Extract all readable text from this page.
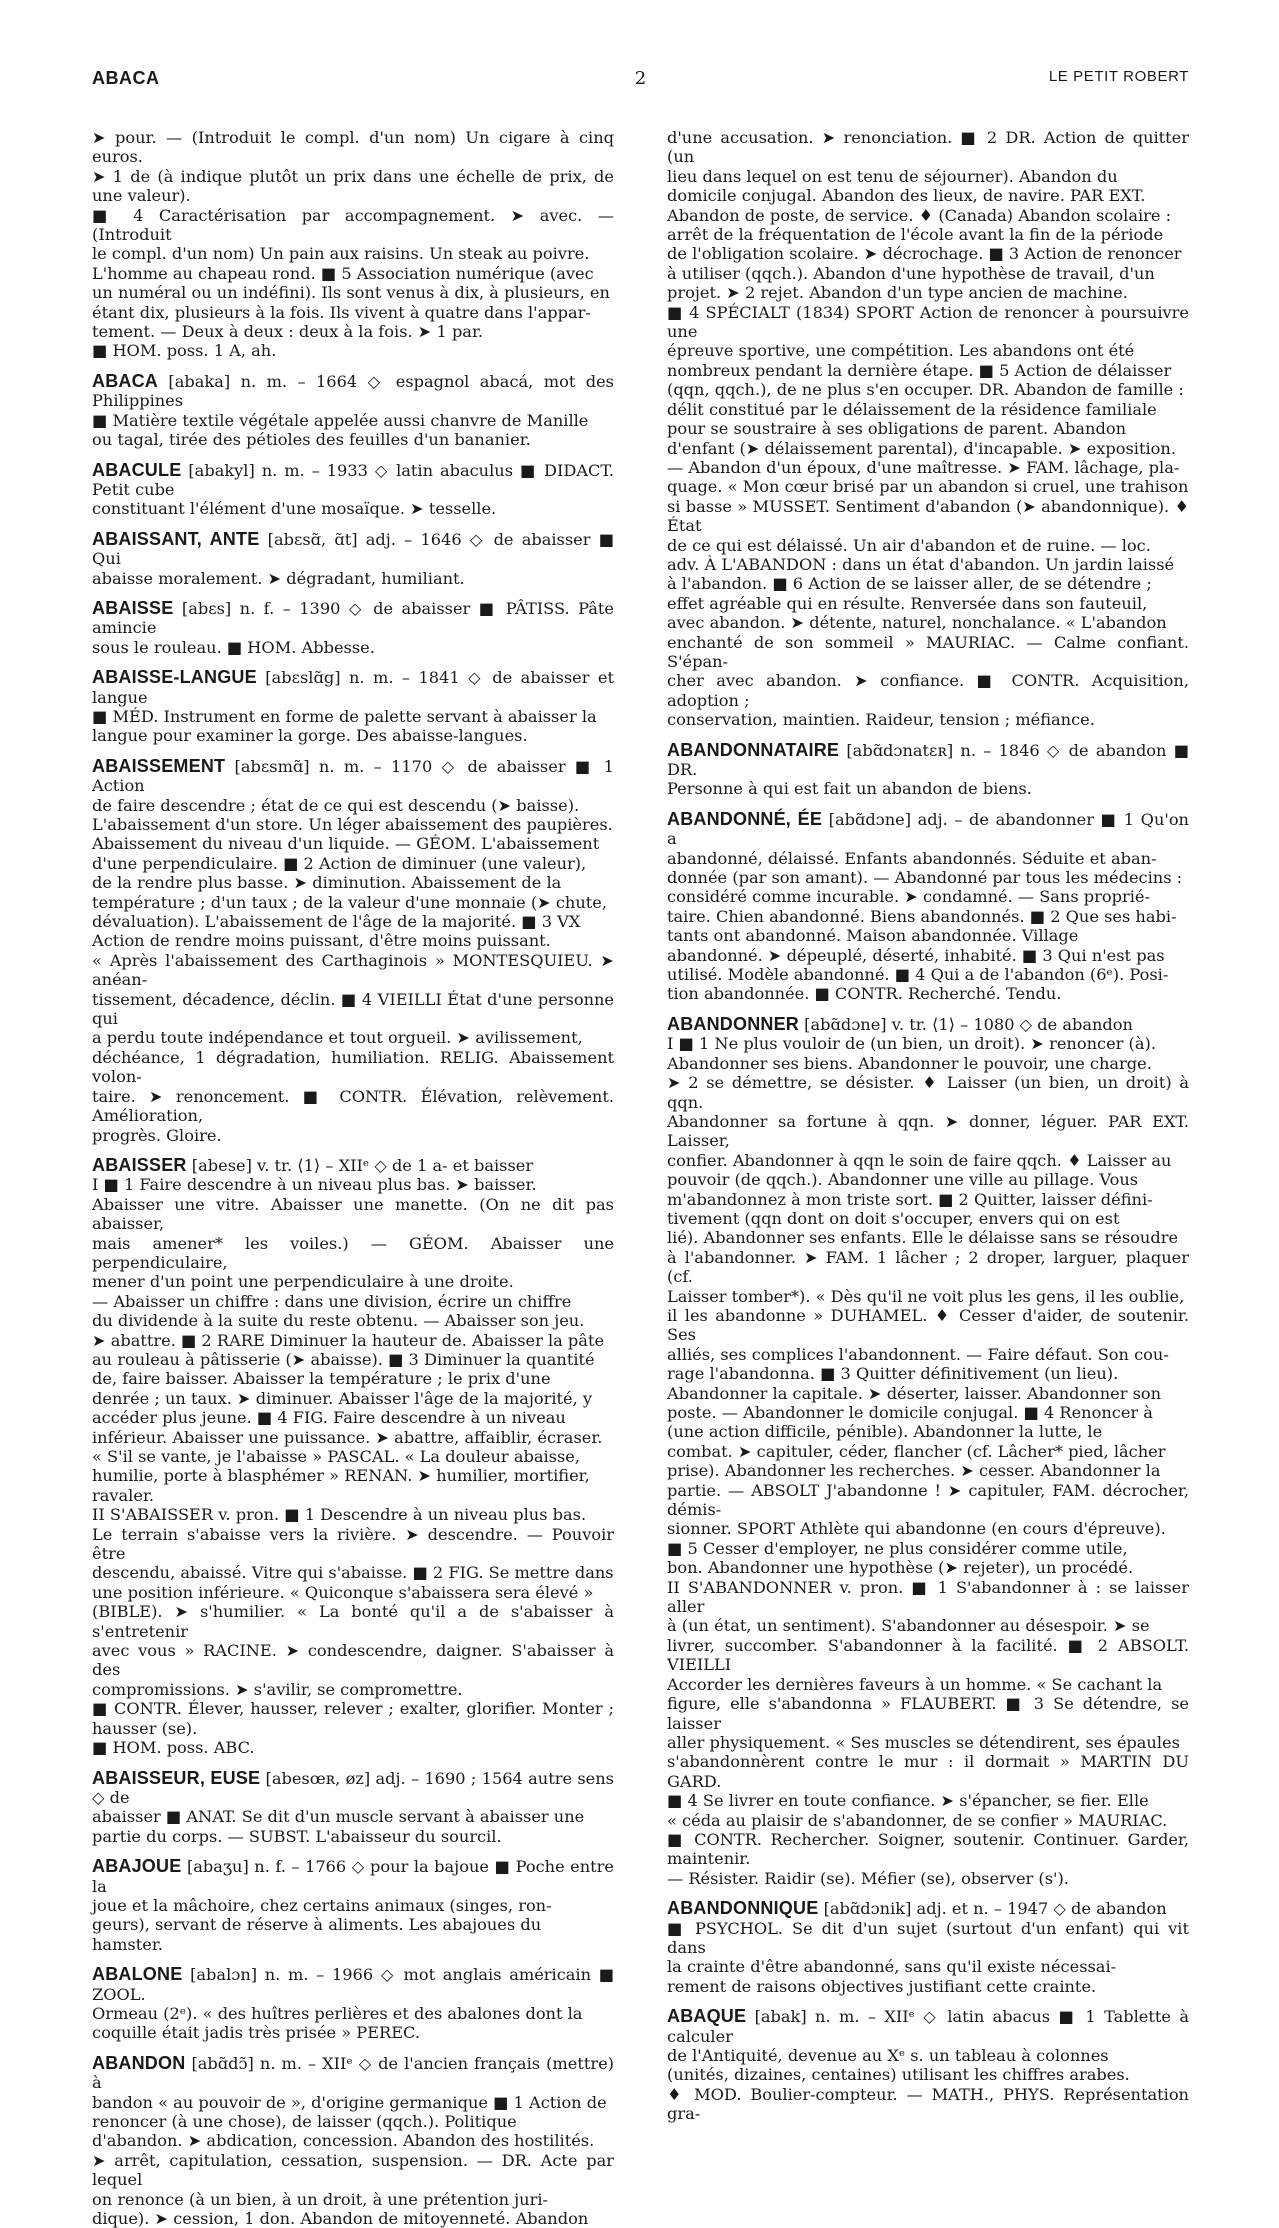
ABACA	2	LE PETIT ROBERT
➤ pour. — (Introduit le compl. d'un nom) Un cigare à cinq euros.
➤ 1 de (à indique plutôt un prix dans une échelle de prix, de une valeur).
■ 4 Caractérisation par accompagnement. ➤ avec. — (Introduit
le compl. d'un nom) Un pain aux raisins. Un steak au poivre.
L'homme au chapeau rond. ■ 5 Association numérique (avec
un numéral ou un indéfini). Ils sont venus à dix, à plusieurs, en
étant dix, plusieurs à la fois. Ils vivent à quatre dans l'appar-
tement. — Deux à deux : deux à la fois. ➤ 1 par.
■ HOM. poss. 1 A, ah.
ABACA [abaka] n. m. – 1664 ◇ espagnol abacá, mot des Philippines
■ Matière textile végétale appelée aussi chanvre de Manille
ou tagal, tirée des pétioles des feuilles d'un bananier.
ABACULE [abakyl] n. m. – 1933 ◇ latin abaculus ■ DIDACT. Petit cube
constituant l'élément d'une mosaïque. ➤ tesselle.
ABAISSANT, ANTE [abɛsɑ̃, ɑ̃t] adj. – 1646 ◇ de abaisser ■ Qui
abaisse moralement. ➤ dégradant, humiliant.
ABAISSE [abɛs] n. f. – 1390 ◇ de abaisser ■ PÂTISS. Pâte amincie
sous le rouleau. ■ HOM. Abbesse.
ABAISSE-LANGUE [abɛslɑ̃g] n. m. – 1841 ◇ de abaisser et langue
■ MÉD. Instrument en forme de palette servant à abaisser la
langue pour examiner la gorge. Des abaisse-langues.
ABAISSEMENT [abɛsmɑ̃] n. m. – 1170 ◇ de abaisser ■ 1 Action
de faire descendre ; état de ce qui est descendu (➤ baisse).
L'abaissement d'un store. Un léger abaissement des paupières.
Abaissement du niveau d'un liquide. — GÉOM. L'abaissement
d'une perpendiculaire. ■ 2 Action de diminuer (une valeur),
de la rendre plus basse. ➤ diminution. Abaissement de la
température ; d'un taux ; de la valeur d'une monnaie (➤ chute,
dévaluation). L'abaissement de l'âge de la majorité. ■ 3 VX
Action de rendre moins puissant, d'être moins puissant.
« Après l'abaissement des Carthaginois » MONTESQUIEU. ➤ anéan-
tissement, décadence, déclin. ■ 4 VIEILLI État d'une personne qui
a perdu toute indépendance et tout orgueil. ➤ avilissement,
déchéance, 1 dégradation, humiliation. RELIG. Abaissement volon-
taire. ➤ renoncement. ■ CONTR. Élévation, relèvement. Amélioration,
progrès. Gloire.
ABAISSER [abese] v. tr. ⟨1⟩ – XIIᵉ ◇ de 1 a- et baisser
I ■ 1 Faire descendre à un niveau plus bas. ➤ baisser.
Abaisser une vitre. Abaisser une manette. (On ne dit pas abaisser,
mais amener* les voiles.) — GÉOM. Abaisser une perpendiculaire,
mener d'un point une perpendiculaire à une droite.
— Abaisser un chiffre : dans une division, écrire un chiffre
du dividende à la suite du reste obtenu. — Abaisser son jeu.
➤ abattre. ■ 2 RARE Diminuer la hauteur de. Abaisser la pâte
au rouleau à pâtisserie (➤ abaisse). ■ 3 Diminuer la quantité
de, faire baisser. Abaisser la température ; le prix d'une
denrée ; un taux. ➤ diminuer. Abaisser l'âge de la majorité, y
accéder plus jeune. ■ 4 FIG. Faire descendre à un niveau
inférieur. Abaisser une puissance. ➤ abattre, affaiblir, écraser.
« S'il se vante, je l'abaisse » PASCAL. « La douleur abaisse,
humilie, porte à blasphémer » RENAN. ➤ humilier, mortifier,
ravaler.
II S'ABAISSER v. pron. ■ 1 Descendre à un niveau plus bas.
Le terrain s'abaisse vers la rivière. ➤ descendre. — Pouvoir être
descendu, abaissé. Vitre qui s'abaisse. ■ 2 FIG. Se mettre dans
une position inférieure. « Quiconque s'abaissera sera élevé »
(BIBLE). ➤ s'humilier. « La bonté qu'il a de s'abaisser à s'entretenir
avec vous » RACINE. ➤ condescendre, daigner. S'abaisser à des
compromissions. ➤ s'avilir, se compromettre.
■ CONTR. Élever, hausser, relever ; exalter, glorifier. Monter ; hausser (se).
■ HOM. poss. ABC.
ABAISSEUR, EUSE [abesœʀ, øz] adj. – 1690 ; 1564 autre sens ◇ de
abaisser ■ ANAT. Se dit d'un muscle servant à abaisser une
partie du corps. — SUBST. L'abaisseur du sourcil.
ABAJOUE [abaʒu] n. f. – 1766 ◇ pour la bajoue ■ Poche entre la
joue et la mâchoire, chez certains animaux (singes, ron-
geurs), servant de réserve à aliments. Les abajoues du
hamster.
ABALONE [abalɔn] n. m. – 1966 ◇ mot anglais américain ■ ZOOL.
Ormeau (2ᵉ). « des huîtres perlières et des abalones dont la
coquille était jadis très prisée » PEREC.
ABANDON [abɑ̃dɔ̃] n. m. – XIIᵉ ◇ de l'ancien français (mettre) à
bandon « au pouvoir de », d'origine germanique ■ 1 Action de
renoncer (à une chose), de laisser (qqch.). Politique
d'abandon. ➤ abdication, concession. Abandon des hostilités.
➤ arrêt, capitulation, cessation, suspension. — DR. Acte par lequel
on renonce (à un bien, à un droit, à une prétention juri-
dique). ➤ cession, 1 don. Abandon de mitoyenneté. Abandon
d'une accusation. ➤ renonciation. ■ 2 DR. Action de quitter (un
lieu dans lequel on est tenu de séjourner). Abandon du
domicile conjugal. Abandon des lieux, de navire. PAR EXT.
Abandon de poste, de service. ♦ (Canada) Abandon scolaire :
arrêt de la fréquentation de l'école avant la fin de la période
de l'obligation scolaire. ➤ décrochage. ■ 3 Action de renoncer
à utiliser (qqch.). Abandon d'une hypothèse de travail, d'un
projet. ➤ 2 rejet. Abandon d'un type ancien de machine.
■ 4 SPÉCIALT (1834) SPORT Action de renoncer à poursuivre une
épreuve sportive, une compétition. Les abandons ont été
nombreux pendant la dernière étape. ■ 5 Action de délaisser
(qqn, qqch.), de ne plus s'en occuper. DR. Abandon de famille :
délit constitué par le délaissement de la résidence familiale
pour se soustraire à ses obligations de parent. Abandon
d'enfant (➤ délaissement parental), d'incapable. ➤ exposition.
— Abandon d'un époux, d'une maîtresse. ➤ FAM. lâchage, pla-
quage. « Mon cœur brisé par un abandon si cruel, une trahison
si basse » MUSSET. Sentiment d'abandon (➤ abandonnique). ♦ État
de ce qui est délaissé. Un air d'abandon et de ruine. — loc.
adv. À L'ABANDON : dans un état d'abandon. Un jardin laissé
à l'abandon. ■ 6 Action de se laisser aller, de se détendre ;
effet agréable qui en résulte. Renversée dans son fauteuil,
avec abandon. ➤ détente, naturel, nonchalance. « L'abandon
enchanté de son sommeil » MAURIAC. — Calme confiant. S'épan-
cher avec abandon. ➤ confiance. ■ CONTR. Acquisition, adoption ;
conservation, maintien. Raideur, tension ; méfiance.
ABANDONNATAIRE [abɑ̃dɔnatɛʀ] n. – 1846 ◇ de abandon ■ DR.
Personne à qui est fait un abandon de biens.
ABANDONNÉ, ÉE [abɑ̃dɔne] adj. – de abandonner ■ 1 Qu'on a
abandonné, délaissé. Enfants abandonnés. Séduite et aban-
donnée (par son amant). — Abandonné par tous les médecins :
considéré comme incurable. ➤ condamné. — Sans proprié-
taire. Chien abandonné. Biens abandonnés. ■ 2 Que ses habi-
tants ont abandonné. Maison abandonnée. Village
abandonné. ➤ dépeuplé, déserté, inhabité. ■ 3 Qui n'est pas
utilisé. Modèle abandonné. ■ 4 Qui a de l'abandon (6ᵉ). Posi-
tion abandonnée. ■ CONTR. Recherché. Tendu.
ABANDONNER [abɑ̃dɔne] v. tr. ⟨1⟩ – 1080 ◇ de abandon
I ■ 1 Ne plus vouloir de (un bien, un droit). ➤ renoncer (à).
Abandonner ses biens. Abandonner le pouvoir, une charge.
➤ 2 se démettre, se désister. ♦ Laisser (un bien, un droit) à qqn.
Abandonner sa fortune à qqn. ➤ donner, léguer. PAR EXT. Laisser,
confier. Abandonner à qqn le soin de faire qqch. ♦ Laisser au
pouvoir (de qqch.). Abandonner une ville au pillage. Vous
m'abandonnez à mon triste sort. ■ 2 Quitter, laisser défini-
tivement (qqn dont on doit s'occuper, envers qui on est
lié). Abandonner ses enfants. Elle le délaisse sans se résoudre
à l'abandonner. ➤ FAM. 1 lâcher ; 2 droper, larguer, plaquer (cf.
Laisser tomber*). « Dès qu'il ne voit plus les gens, il les oublie,
il les abandonne » DUHAMEL. ♦ Cesser d'aider, de soutenir. Ses
alliés, ses complices l'abandonnent. — Faire défaut. Son cou-
rage l'abandonna. ■ 3 Quitter définitivement (un lieu).
Abandonner la capitale. ➤ déserter, laisser. Abandonner son
poste. — Abandonner le domicile conjugal. ■ 4 Renoncer à
(une action difficile, pénible). Abandonner la lutte, le
combat. ➤ capituler, céder, flancher (cf. Lâcher* pied, lâcher
prise). Abandonner les recherches. ➤ cesser. Abandonner la
partie. — ABSOLT J'abandonne ! ➤ capituler, FAM. décrocher, démis-
sionner. SPORT Athlète qui abandonne (en cours d'épreuve).
■ 5 Cesser d'employer, ne plus considérer comme utile,
bon. Abandonner une hypothèse (➤ rejeter), un procédé.
II S'ABANDONNER v. pron. ■ 1 S'abandonner à : se laisser aller
à (un état, un sentiment). S'abandonner au désespoir. ➤ se
livrer, succomber. S'abandonner à la facilité. ■ 2 ABSOLT. VIEILLI
Accorder les dernières faveurs à un homme. « Se cachant la
figure, elle s'abandonna » FLAUBERT. ■ 3 Se détendre, se laisser
aller physiquement. « Ses muscles se détendirent, ses épaules
s'abandonnèrent contre le mur : il dormait » MARTIN DU GARD.
■ 4 Se livrer en toute confiance. ➤ s'épancher, se fier. Elle
« céda au plaisir de s'abandonner, de se confier » MAURIAC.
■ CONTR. Rechercher. Soigner, soutenir. Continuer. Garder, maintenir.
— Résister. Raidir (se). Méfier (se), observer (s').
ABANDONNIQUE [abɑ̃dɔnik] adj. et n. – 1947 ◇ de abandon
■ PSYCHOL. Se dit d'un sujet (surtout d'un enfant) qui vit dans
la crainte d'être abandonné, sans qu'il existe nécessai-
rement de raisons objectives justifiant cette crainte.
ABAQUE [abak] n. m. – XIIᵉ ◇ latin abacus ■ 1 Tablette à calculer
de l'Antiquité, devenue au Xᵉ s. un tableau à colonnes
(unités, dizaines, centaines) utilisant les chiffres arabes.
♦ MOD. Boulier-compteur. — MATH., PHYS. Représentation gra-
